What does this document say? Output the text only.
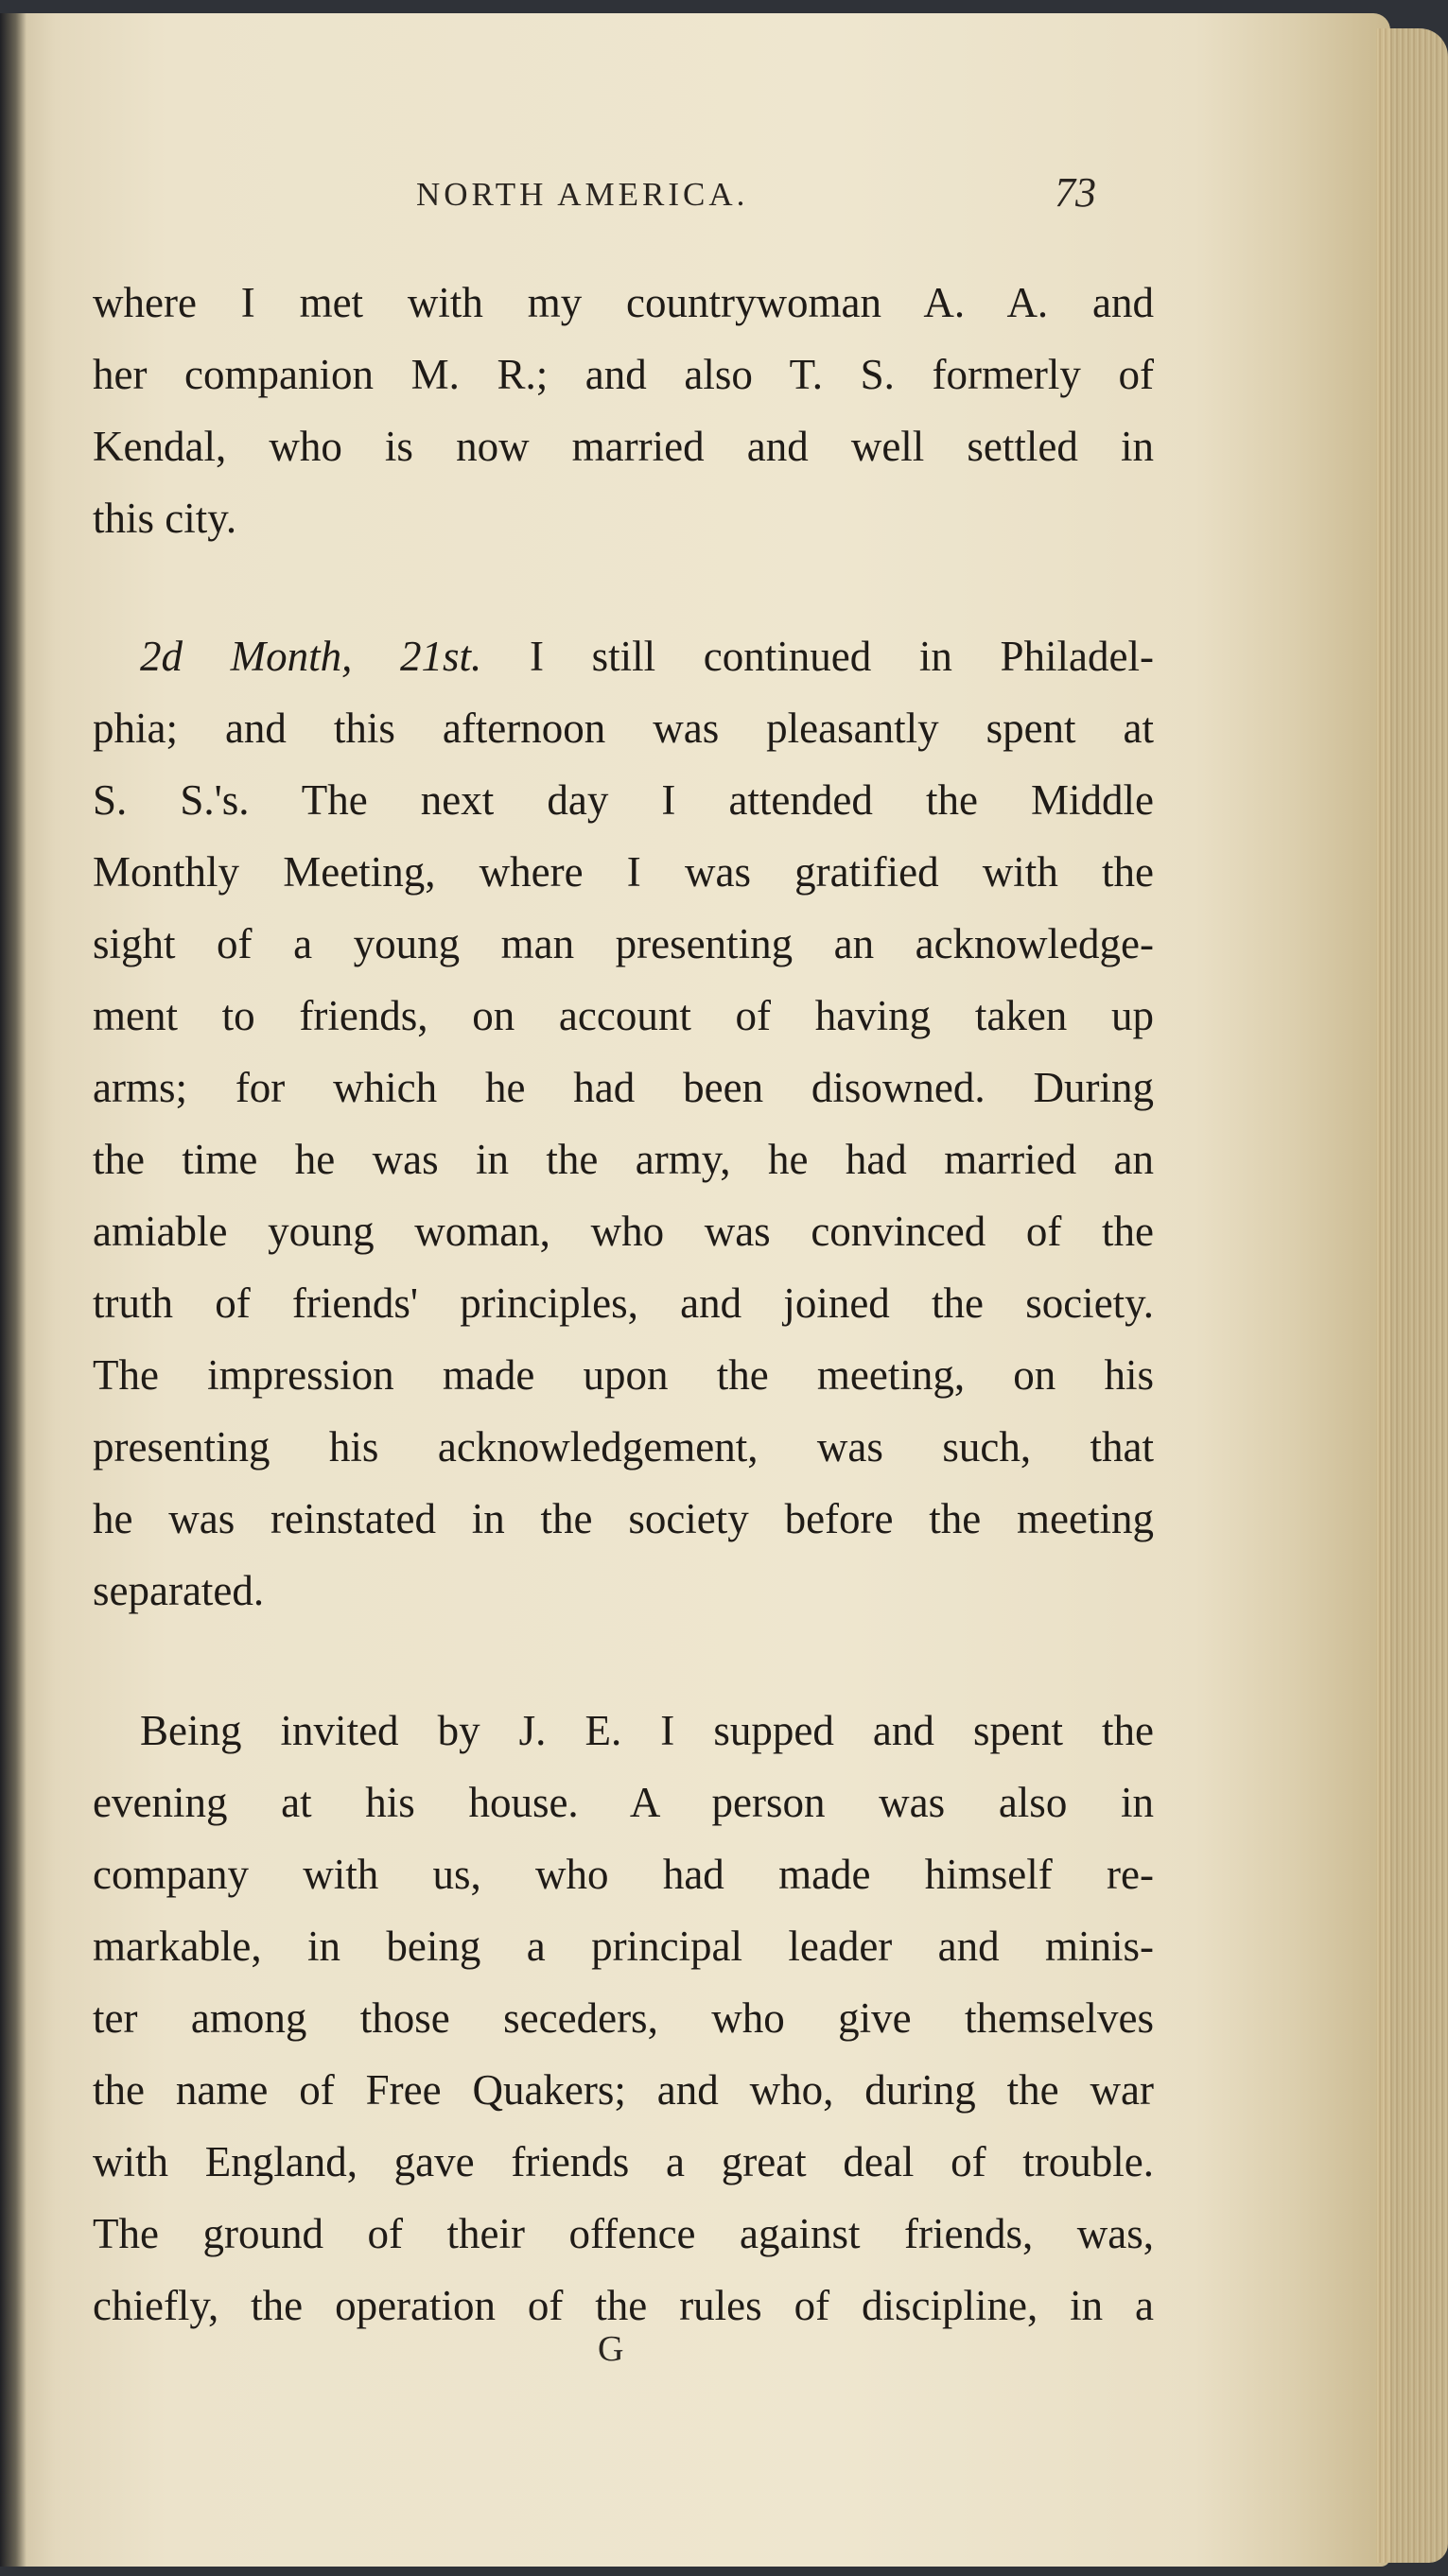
NORTH AMERICA.	73
where I met with my countrywoman A. A. and
her companion M. R.; and also T. S. formerly of
Kendal, who is now married and well settled in
this city.
2d Month, 21st. I still continued in Philadel-
phia; and this afternoon was pleasantly spent at
S. S.'s. The next day I attended the Middle
Monthly Meeting, where I was gratified with the
sight of a young man presenting an acknowledge-
ment to friends, on account of having taken up
arms; for which he had been disowned. During
the time he was in the army, he had married an
amiable young woman, who was convinced of the
truth of friends' principles, and joined the society.
The impression made upon the meeting, on his
presenting his acknowledgement, was such, that
he was reinstated in the society before the meeting
separated.
Being invited by J. E. I supped and spent the
evening at his house. A person was also in
company with us, who had made himself re-
markable, in being a principal leader and minis-
ter among those seceders, who give themselves
the name of Free Quakers; and who, during the war
with England, gave friends a great deal of trouble.
The ground of their offence against friends, was,
chiefly, the operation of the rules of discipline, in a
G
